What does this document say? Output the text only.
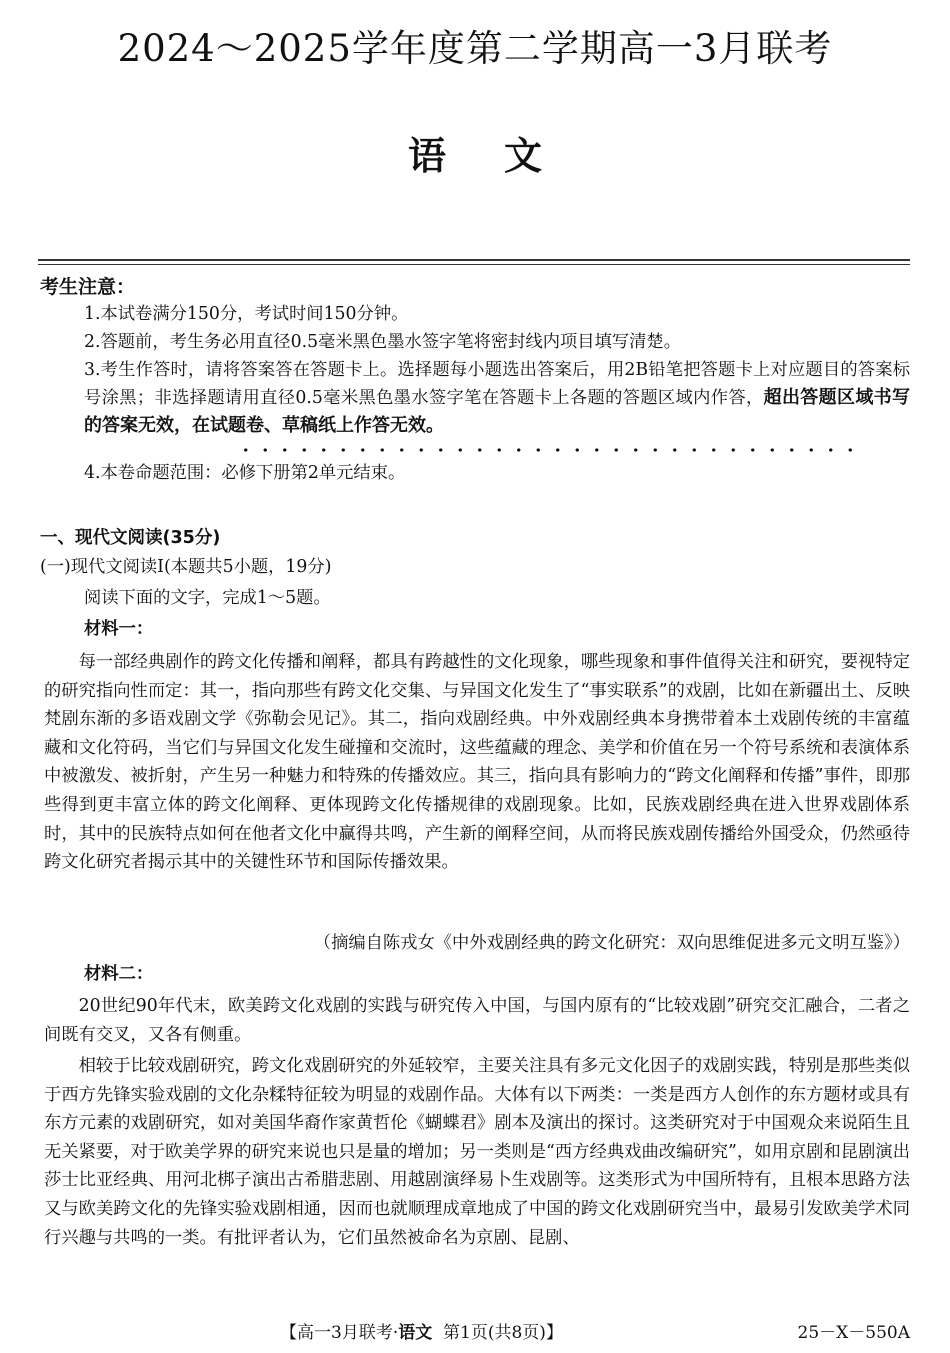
2024～2025学年度第二学期高一3月联考
语文
考生注意：
1.本试卷满分150分，考试时间150分钟。
2.答题前，考生务必用直径0.5毫米黑色墨水签字笔将密封线内项目填写清楚。
3.考生作答时，请将答案答在答题卡上。选择题每小题选出答案后，用2B铅笔把答题卡上对应题目的答案标号涂黑；非选择题请用直径0.5毫米黑色墨水签字笔在答题卡上各题的答题区域内作答，超出答题区域书写的答案无效，在试题卷、草稿纸上作答无效。
4.本卷命题范围：必修下册第2单元结束。
一、现代文阅读(35分)
(一)现代文阅读Ⅰ(本题共5小题，19分)
阅读下面的文字，完成1～5题。
材料一：
每一部经典剧作的跨文化传播和阐释，都具有跨越性的文化现象，哪些现象和事件值得关注和研究，要视特定的研究指向性而定：其一，指向那些有跨文化交集、与异国文化发生了“事实联系”的戏剧，比如在新疆出土、反映梵剧东渐的多语戏剧文学《弥勒会见记》。其二，指向戏剧经典。中外戏剧经典本身携带着本土戏剧传统的丰富蕴藏和文化符码，当它们与异国文化发生碰撞和交流时，这些蕴藏的理念、美学和价值在另一个符号系统和表演体系中被激发、被折射，产生另一种魅力和特殊的传播效应。其三，指向具有影响力的“跨文化阐释和传播”事件，即那些得到更丰富立体的跨文化阐释、更体现跨文化传播规律的戏剧现象。比如，民族戏剧经典在进入世界戏剧体系时，其中的民族特点如何在他者文化中赢得共鸣，产生新的阐释空间，从而将民族戏剧传播给外国受众，仍然亟待跨文化研究者揭示其中的关键性环节和国际传播效果。
（摘编自陈戎女《中外戏剧经典的跨文化研究：双向思维促进多元文明互鉴》）
材料二：
20世纪90年代末，欧美跨文化戏剧的实践与研究传入中国，与国内原有的“比较戏剧”研究交汇融合，二者之间既有交叉，又各有侧重。
相较于比较戏剧研究，跨文化戏剧研究的外延较窄，主要关注具有多元文化因子的戏剧实践，特别是那些类似于西方先锋实验戏剧的文化杂糅特征较为明显的戏剧作品。大体有以下两类：一类是西方人创作的东方题材或具有东方元素的戏剧研究，如对美国华裔作家黄哲伦《蝴蝶君》剧本及演出的探讨。这类研究对于中国观众来说陌生且无关紧要，对于欧美学界的研究来说也只是量的增加；另一类则是“西方经典戏曲改编研究”，如用京剧和昆剧演出莎士比亚经典、用河北梆子演出古希腊悲剧、用越剧演绎易卜生戏剧等。这类形式为中国所特有，且根本思路方法又与欧美跨文化的先锋实验戏剧相通，因而也就顺理成章地成了中国的跨文化戏剧研究当中，最易引发欧美学术同行兴趣与共鸣的一类。有批评者认为，它们虽然被命名为京剧、昆剧、
【高一3月联考·语文 第1页(共8页)】	25－X－550A
